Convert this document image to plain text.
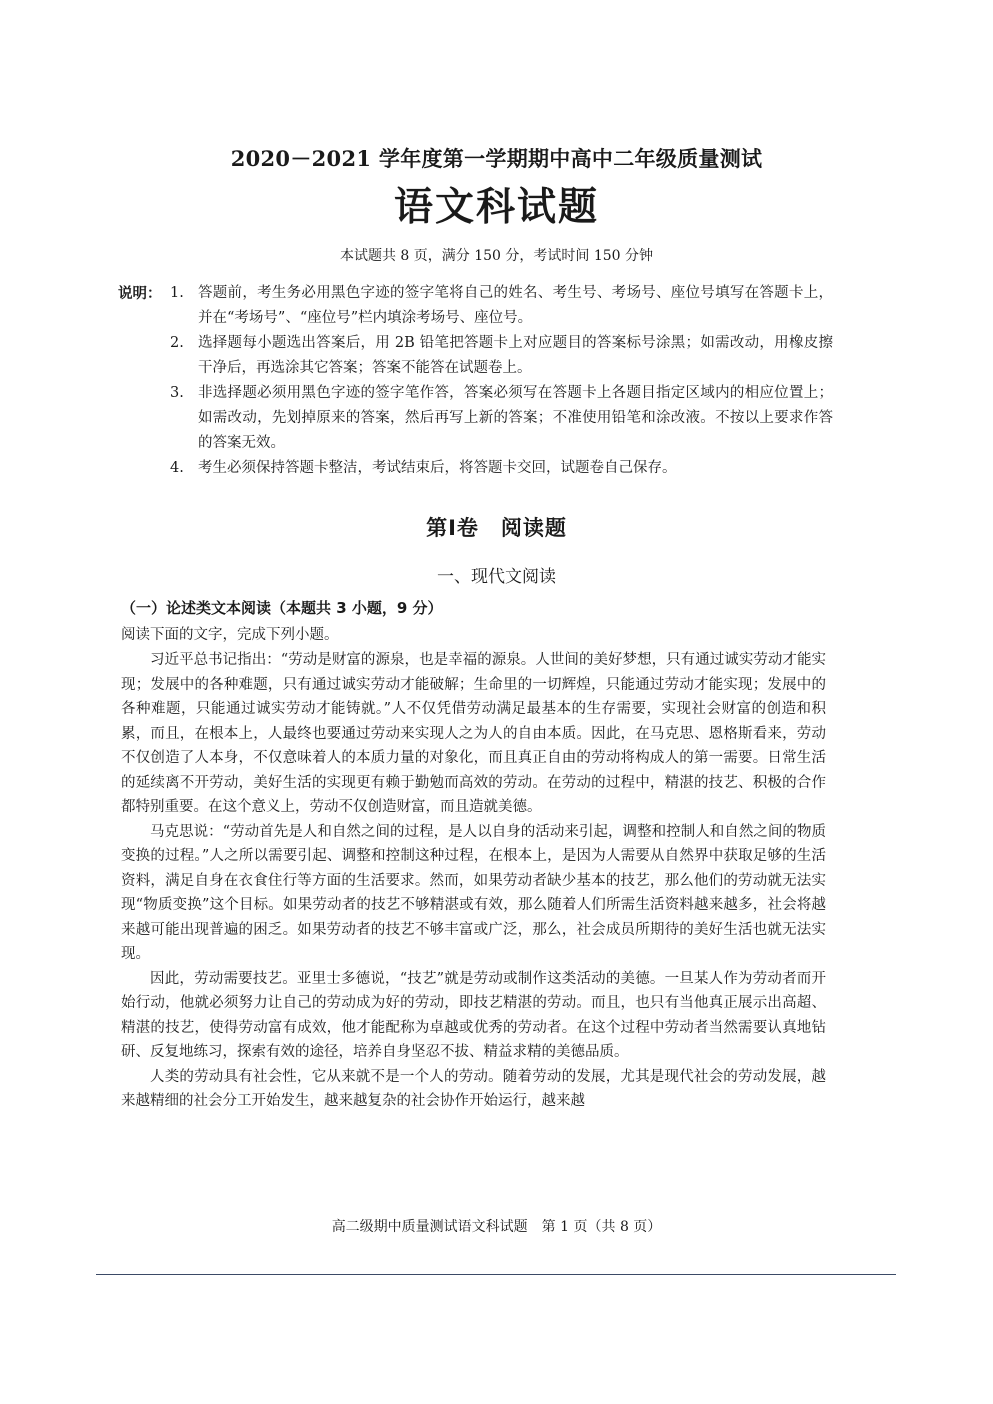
2020－2021 学年度第一学期期中高中二年级质量测试
语文科试题
本试题共 8 页，满分 150 分，考试时间 150 分钟
说明： 1. 答题前，考生务必用黑色字迹的签字笔将自己的姓名、考生号、考场号、座位号填写在答题卡上，并在“考场号”、“座位号”栏内填涂考场号、座位号。
2. 选择题每小题选出答案后，用 2B 铅笔把答题卡上对应题目的答案标号涂黑；如需改动，用橡皮擦干净后，再选涂其它答案；答案不能答在试题卷上。
3. 非选择题必须用黑色字迹的签字笔作答，答案必须写在答题卡上各题目指定区域内的相应位置上；如需改动，先划掉原来的答案，然后再写上新的答案；不准使用铅笔和涂改液。不按以上要求作答的答案无效。
4. 考生必须保持答题卡整洁，考试结束后，将答题卡交回，试题卷自己保存。
第Ⅰ卷　阅读题
一、现代文阅读
（一）论述类文本阅读（本题共 3 小题，9 分）
阅读下面的文字，完成下列小题。

习近平总书记指出：“劳动是财富的源泉，也是幸福的源泉。人世间的美好梦想，只有通过诚实劳动才能实现；发展中的各种难题，只有通过诚实劳动才能破解；生命里的一切辉煌，只能通过劳动才能实现；发展中的各种难题，只能通过诚实劳动才能铸就。”人不仅凭借劳动满足最基本的生存需要，实现社会财富的创造和积累，而且，在根本上，人最终也要通过劳动来实现人之为人的自由本质。因此，在马克思、恩格斯看来，劳动不仅创造了人本身，不仅意味着人的本质力量的对象化，而且真正自由的劳动将构成人的第一需要。日常生活的延续离不开劳动，美好生活的实现更有赖于勤勉而高效的劳动。在劳动的过程中，精湛的技艺、积极的合作都特别重要。在这个意义上，劳动不仅创造财富，而且造就美德。

马克思说：“劳动首先是人和自然之间的过程，是人以自身的活动来引起，调整和控制人和自然之间的物质变换的过程。”人之所以需要引起、调整和控制这种过程，在根本上，是因为人需要从自然界中获取足够的生活资料，满足自身在衣食住行等方面的生活要求。然而，如果劳动者缺少基本的技艺，那么他们的劳动就无法实现“物质变换”这个目标。如果劳动者的技艺不够精湛或有效，那么随着人们所需生活资料越来越多，社会将越来越可能出现普遍的困乏。如果劳动者的技艺不够丰富或广泛，那么，社会成员所期待的美好生活也就无法实现。

因此，劳动需要技艺。亚里士多德说，“技艺”就是劳动或制作这类活动的美德。一旦某人作为劳动者而开始行动，他就必须努力让自己的劳动成为好的劳动，即技艺精湛的劳动。而且，也只有当他真正展示出高超、精湛的技艺，使得劳动富有成效，他才能配称为卓越或优秀的劳动者。在这个过程中劳动者当然需要认真地钻研、反复地练习，探索有效的途径，培养自身坚忍不拔、精益求精的美德品质。

人类的劳动具有社会性，它从来就不是一个人的劳动。随着劳动的发展，尤其是现代社会的劳动发展，越来越精细的社会分工开始发生，越来越复杂的社会协作开始运行，越来越

高二级期中质量测试语文科试题　第 1 页（共 8 页）
